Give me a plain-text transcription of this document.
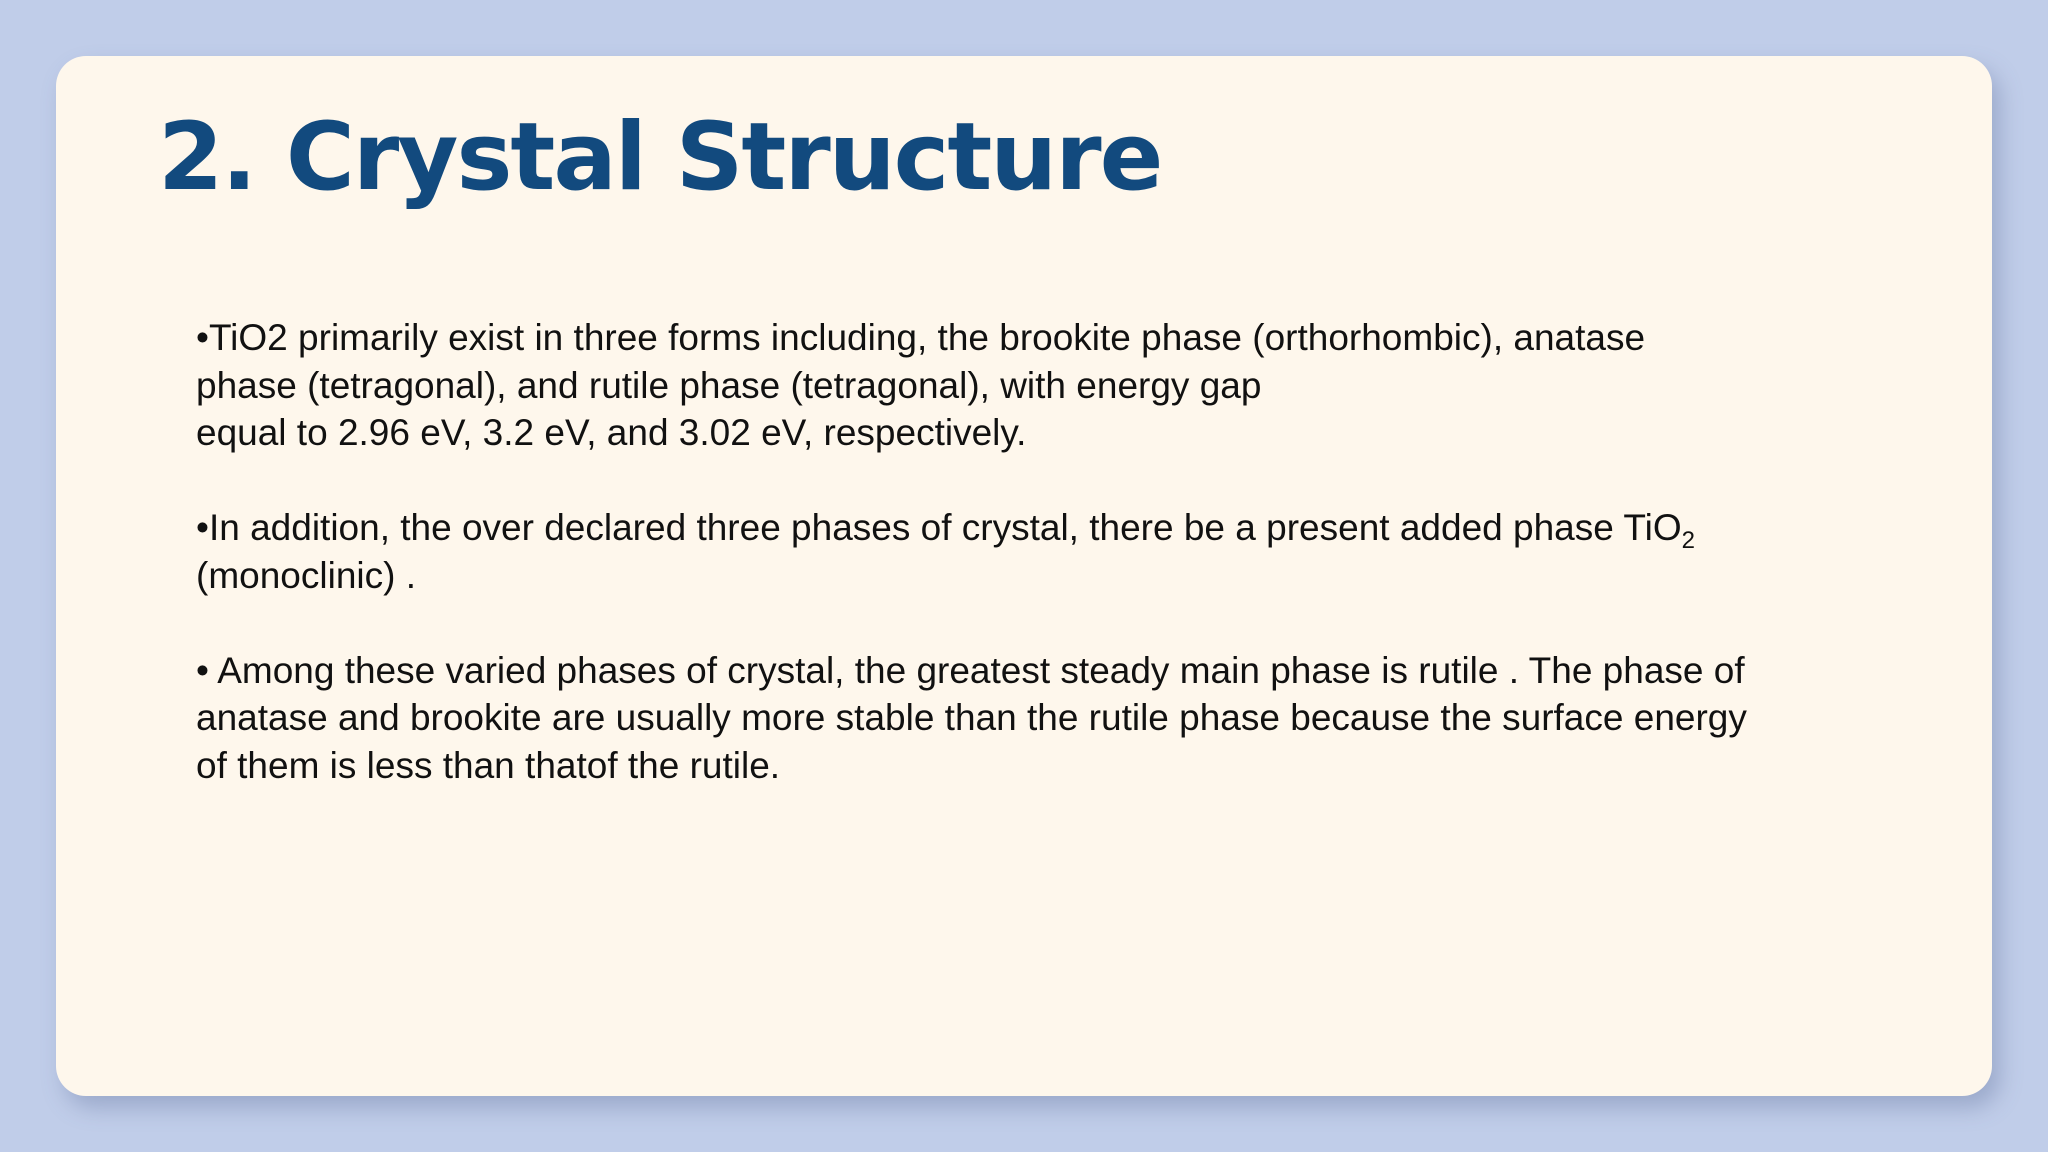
2. Crystal Structure

•TiO2 primarily exist in three forms including, the brookite phase (orthorhombic), anatase
phase (tetragonal), and rutile phase (tetragonal), with energy gap
equal to 2.96 eV, 3.2 eV, and 3.02 eV, respectively.

•In addition, the over declared three phases of crystal, there be a present added phase TiO$_2$
(monoclinic) .

• Among these varied phases of crystal, the greatest steady main phase is rutile . The phase of
anatase and brookite are usually more stable than the rutile phase because the surface energy
of them is less than thatof the rutile.
